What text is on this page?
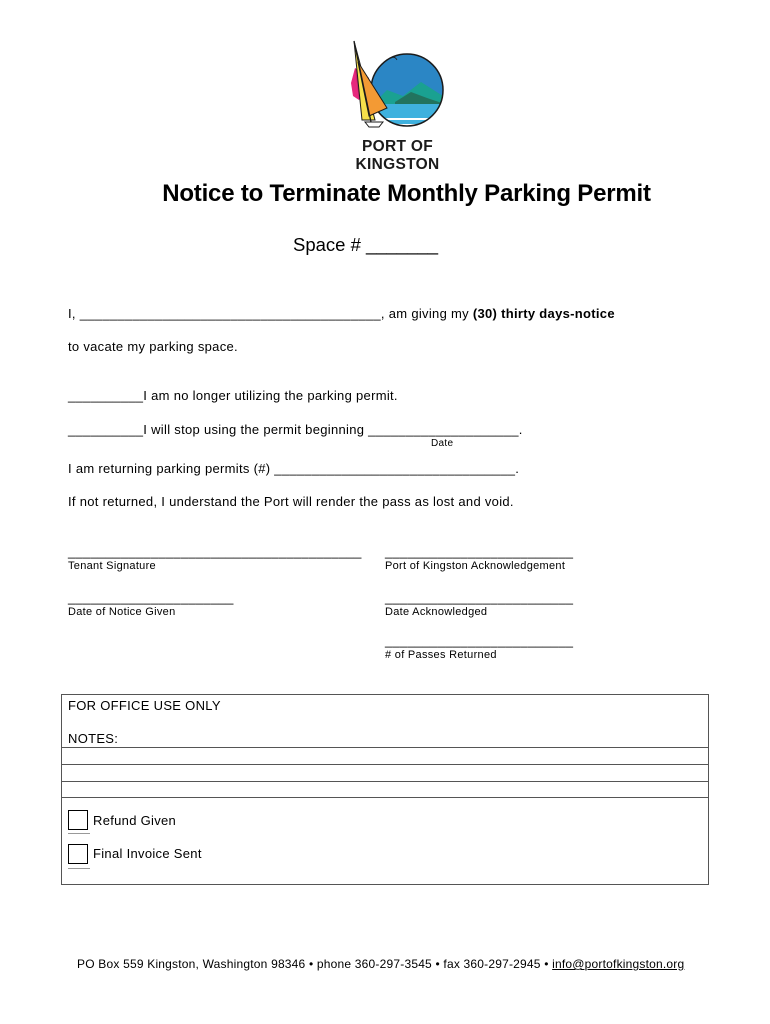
PORT OF KINGSTON
Notice to Terminate Monthly Parking Permit
Space # _______
I, ________________________________________, am giving my (30) thirty days-notice
to vacate my parking space.
__________I am no longer utilizing the parking permit.
__________I will stop using the permit beginning ____________________.
Date
I am returning parking permits (#) ________________________________.
If not returned, I understand the Port will render the pass as lost and void.
_______________________________________
Tenant Signature
_________________________
Port of Kingston Acknowledgement
______________________
Date of Notice Given
_________________________
Date Acknowledged
_________________________
# of Passes Returned
FOR OFFICE USE ONLY
NOTES:
Refund Given
Final Invoice Sent
PO Box 559 Kingston, Washington 98346 • phone 360-297-3545 • fax 360-297-2945 • info@portofkingston.org
